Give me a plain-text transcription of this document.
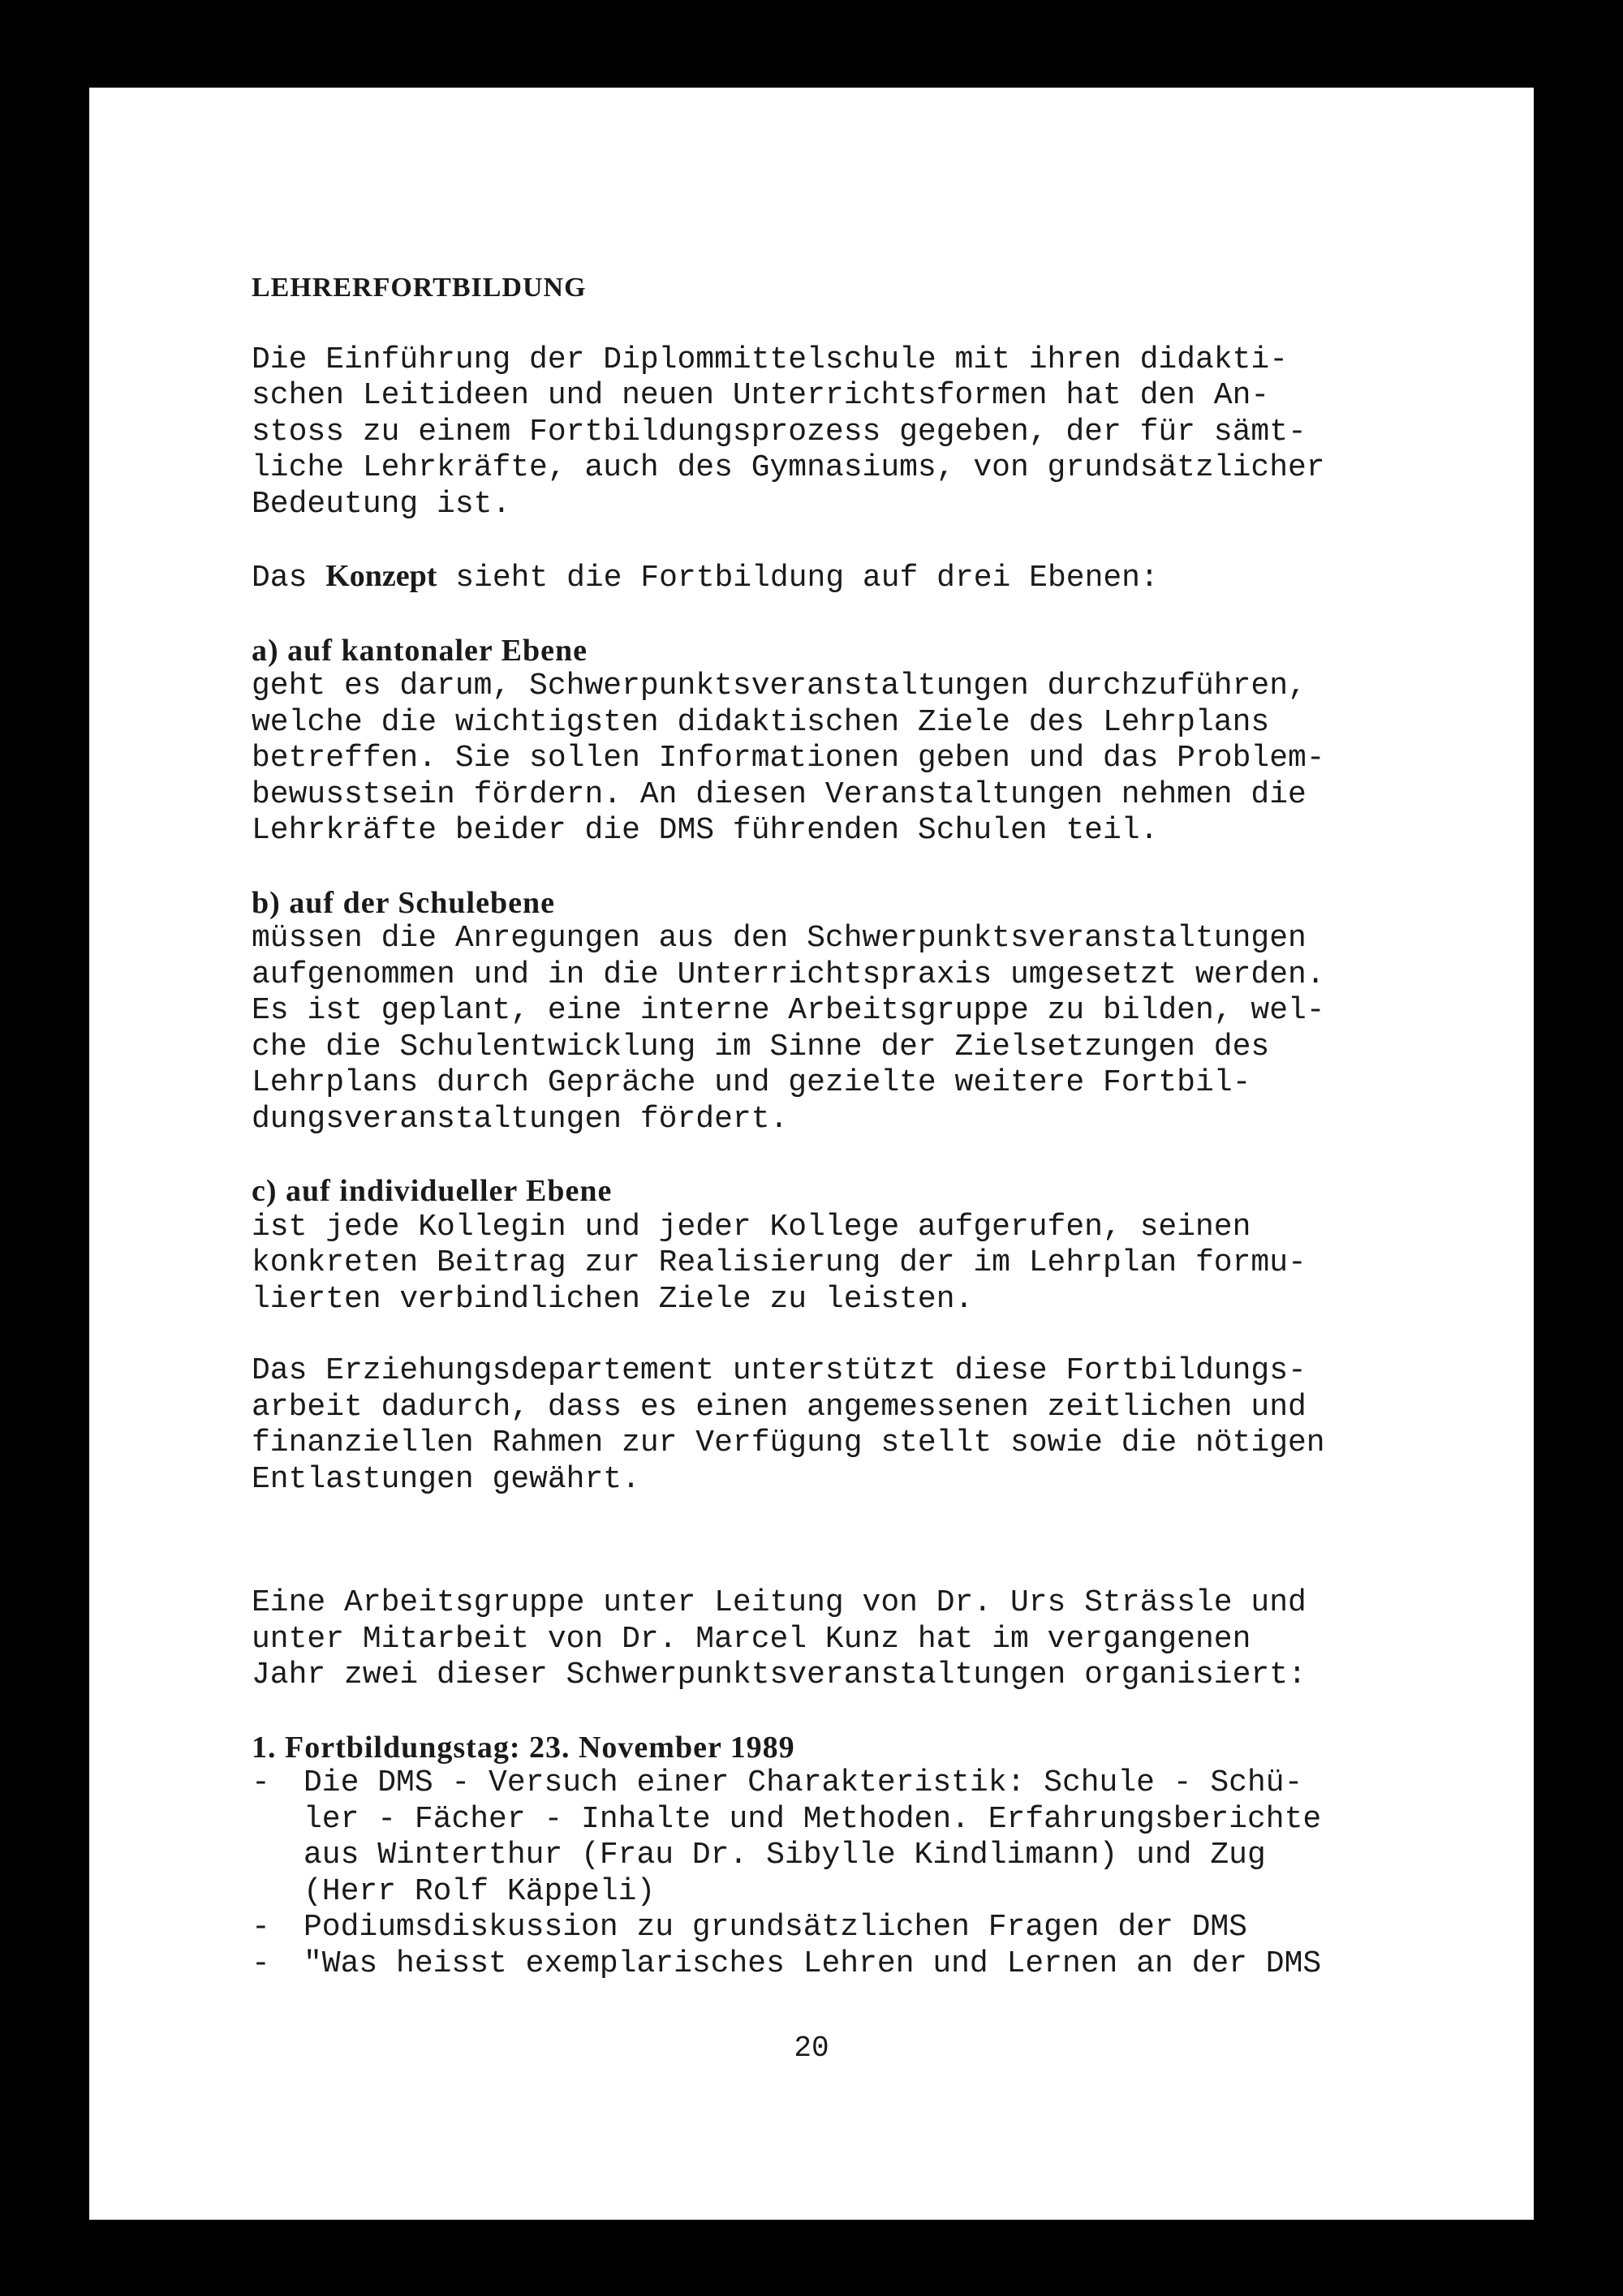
LEHRERFORTBILDUNG
Die Einführung der Diplommittelschule mit ihren didakti-
schen Leitideen und neuen Unterrichtsformen hat den An-
stoss zu einem Fortbildungsprozess gegeben, der für sämt-
liche Lehrkräfte, auch des Gymnasiums, von grundsätzlicher
Bedeutung ist.
Das Konzept sieht die Fortbildung auf drei Ebenen:
a) auf kantonaler Ebene
geht es darum, Schwerpunktsveranstaltungen durchzuführen,
welche die wichtigsten didaktischen Ziele des Lehrplans
betreffen. Sie sollen Informationen geben und das Problem-
bewusstsein fördern. An diesen Veranstaltungen nehmen die
Lehrkräfte beider die DMS führenden Schulen teil.
b) auf der Schulebene
müssen die Anregungen aus den Schwerpunktsveranstaltungen
aufgenommen und in die Unterrichtspraxis umgesetzt werden.
Es ist geplant, eine interne Arbeitsgruppe zu bilden, wel-
che die Schulentwicklung im Sinne der Zielsetzungen des
Lehrplans durch Gepräche und gezielte weitere Fortbil-
dungsveranstaltungen fördert.
c) auf individueller Ebene
ist jede Kollegin und jeder Kollege aufgerufen, seinen
konkreten Beitrag zur Realisierung der im Lehrplan formu-
lierten verbindlichen Ziele zu leisten.
Das Erziehungsdepartement unterstützt diese Fortbildungs-
arbeit dadurch, dass es einen angemessenen zeitlichen und
finanziellen Rahmen zur Verfügung stellt sowie die nötigen
Entlastungen gewährt.
Eine Arbeitsgruppe unter Leitung von Dr. Urs Strässle und
unter Mitarbeit von Dr. Marcel Kunz hat im vergangenen
Jahr zwei dieser Schwerpunktsveranstaltungen organisiert:
1. Fortbildungstag: 23. November 1989
-	Die DMS - Versuch einer Charakteristik: Schule - Schü-
ler - Fächer - Inhalte und Methoden. Erfahrungsberichte
aus Winterthur (Frau Dr. Sibylle Kindlimann) und Zug
(Herr Rolf Käppeli)
-	Podiumsdiskussion zu grundsätzlichen Fragen der DMS
-	"Was heisst exemplarisches Lehren und Lernen an der DMS
20
